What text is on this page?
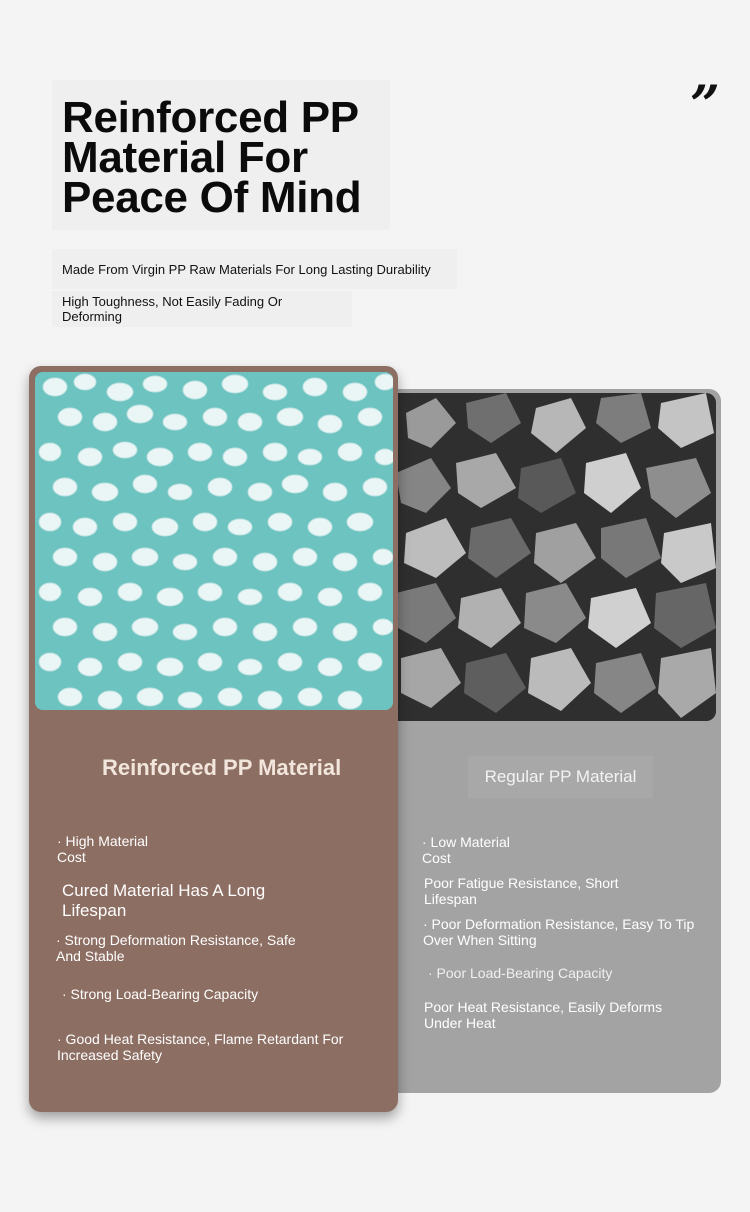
Reinforced PP
Material For
Peace Of Mind
”
Made From Virgin PP Raw Materials For Long Lasting Durability
High Toughness, Not Easily Fading Or Deforming
Regular PP Material
· Low Material
Cost
Poor Fatigue Resistance, Short
Lifespan
· Poor Deformation Resistance, Easy To Tip
Over When Sitting
· Poor Load-Bearing Capacity
Poor Heat Resistance, Easily Deforms
Under Heat
Reinforced PP Material
· High Material
Cost
Cured Material Has A Long
Lifespan
· Strong Deformation Resistance, Safe
And Stable
· Strong Load-Bearing Capacity
· Good Heat Resistance, Flame Retardant For
Increased Safety
